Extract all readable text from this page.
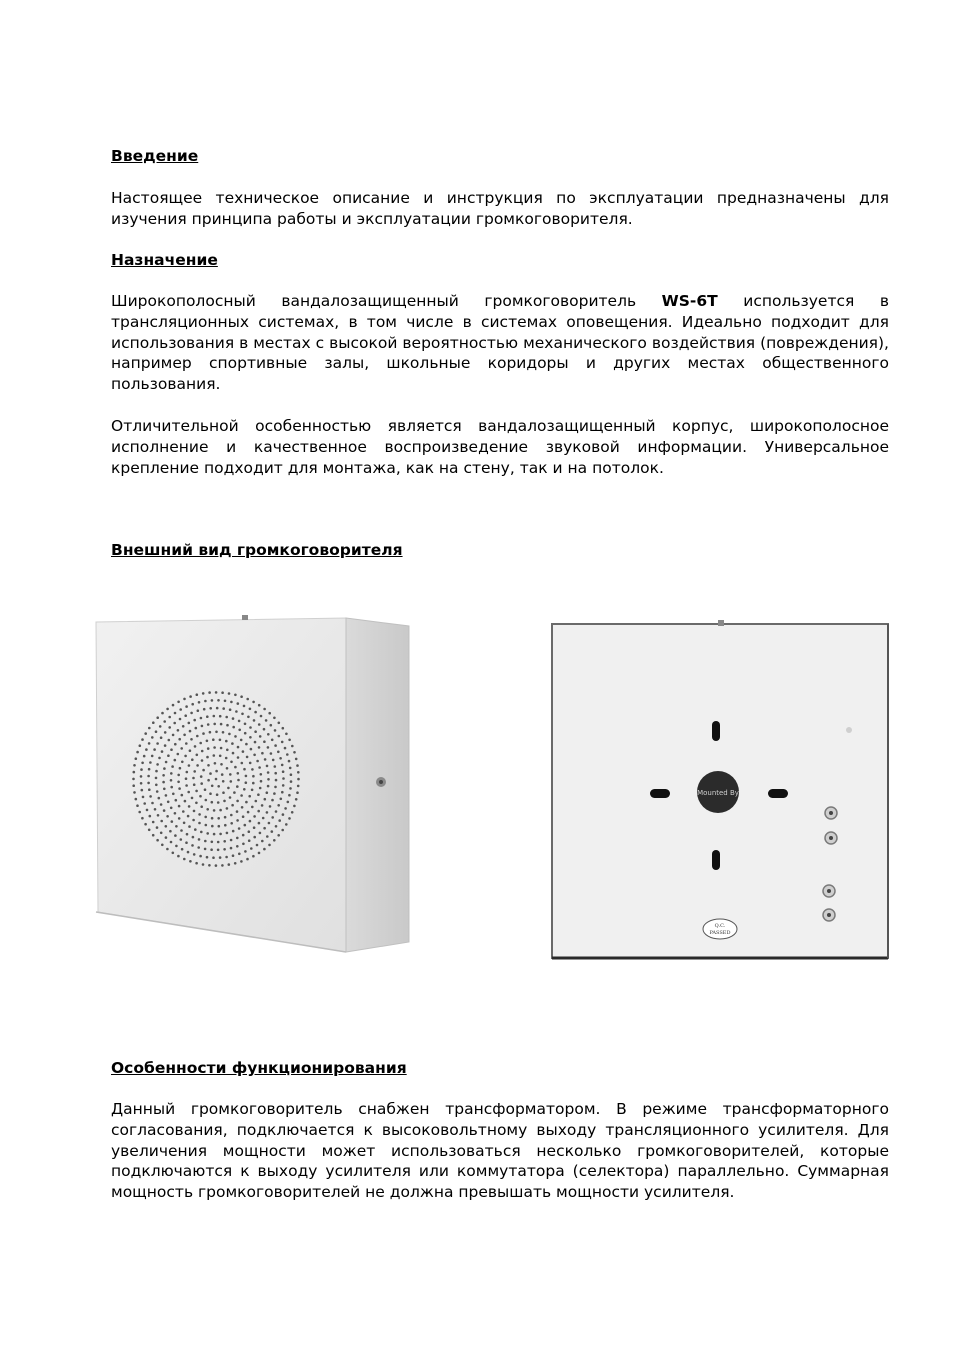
Введение

Настоящее техническое описание и инструкция по эксплуатации предназначены для изучения принципа работы и эксплуатации громкоговорителя.

Назначение

Широкополосный вандалозащищенный громкоговоритель WS-6T используется в трансляционных системах, в том числе в системах оповещения. Идеально подходит для использования в местах с высокой вероятностью механического воздействия (повреждения), например спортивные залы, школьные коридоры и других местах общественного пользования.

Отличительной особенностью является вандалозащищенный корпус, широкополосное исполнение и качественное воспроизведение звуковой информации. Универсальное крепление подходит для монтажа, как на стену, так и на потолок.

Внешний вид громкоговорителя
Mounted By
Q.C.
PASSED
Особенности функционирования

Данный громкоговоритель снабжен трансформатором. В режиме трансформаторного согласования, подключается к высоковольтному выходу трансляционного усилителя. Для увеличения мощности может использоваться несколько громкоговорителей, которые подключаются к выходу усилителя или коммутатора (селектора) параллельно. Суммарная мощность громкоговорителей не должна превышать мощности усилителя.
